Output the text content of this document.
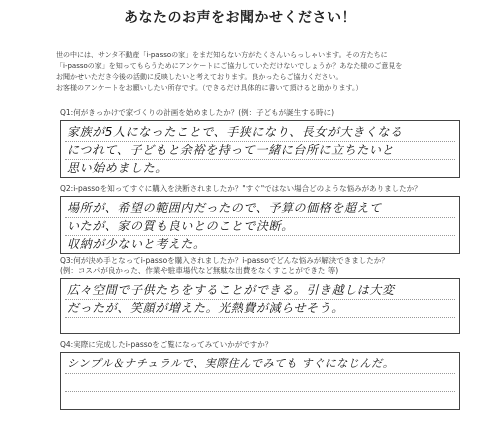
あなたのお声をお聞かせください！
世の中には、サンタ不動産「i-passoの家」をまだ知らない方がたくさんいらっしゃいます。その方たちに
「i-passoの家」を知ってもらうためにアンケートにご協力していただけないでしょうか？あなた様のご意見を
お聞かせいただき今後の活動に反映したいと考えております。良かったらご協力ください。
お客様のアンケートをお願いしたい所存です。（できるだけ具体的に書いて頂けると助かります。）
Q1:何がきっかけで家づくりの計画を始めましたか？(例：子どもが誕生する時に)
家族が5人になったことで、手狭になり、長女が大きくなる
につれて、子どもと余裕を持って一緒に台所に立ちたいと
思い始めました。
Q2:i-passoを知ってすぐに購入を決断されましたか？"すぐ"ではない場合どのような悩みがありましたか？
場所が、希望の範囲内だったので、予算の価格を超えて
いたが、家の質も良いとのことで決断。
収納が少ないと考えた。
Q3:何が決め手となってi-passoを購入されましたか？i-passoでどんな悩みが解決できましたか？
(例：コスパが良かった、作業や駐車場代など無駄な出費をなくすことができた 等)
広々空間で子供たちをすることができる。引き越しは大変
だったが、笑顔が増えた。光熱費が減らせそう。
Q4:実際に完成したi-passoをご覧になってみていかがですか？
シンプル＆ナチュラルで、実際住んでみても すぐになじんだ。
